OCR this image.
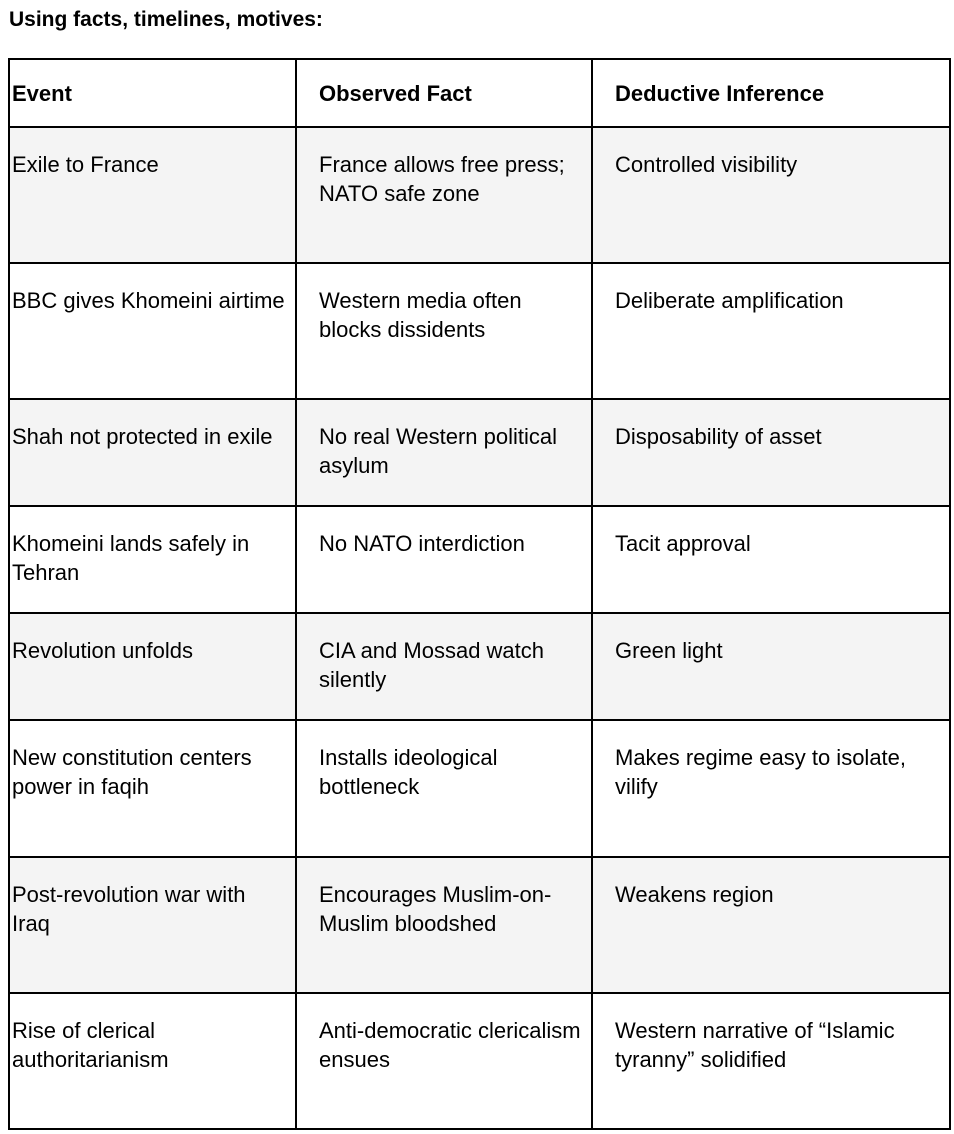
Using facts, timelines, motives:

Event	Observed Fact	Deductive Inference
Exile to France	France allows free press; NATO safe zone	Controlled visibility
BBC gives Khomeini airtime	Western media often blocks dissidents	Deliberate amplification
Shah not protected in exile	No real Western political asylum	Disposability of asset
Khomeini lands safely in Tehran	No NATO interdiction	Tacit approval
Revolution unfolds	CIA and Mossad watch silently	Green light
New constitution centers power in faqih	Installs ideological bottleneck	Makes regime easy to isolate, vilify
Post-revolution war with Iraq	Encourages Muslim-on-Muslim bloodshed	Weakens region
Rise of clerical authoritarianism	Anti-democratic clericalism ensues	Western narrative of “Islamic tyranny” solidified
